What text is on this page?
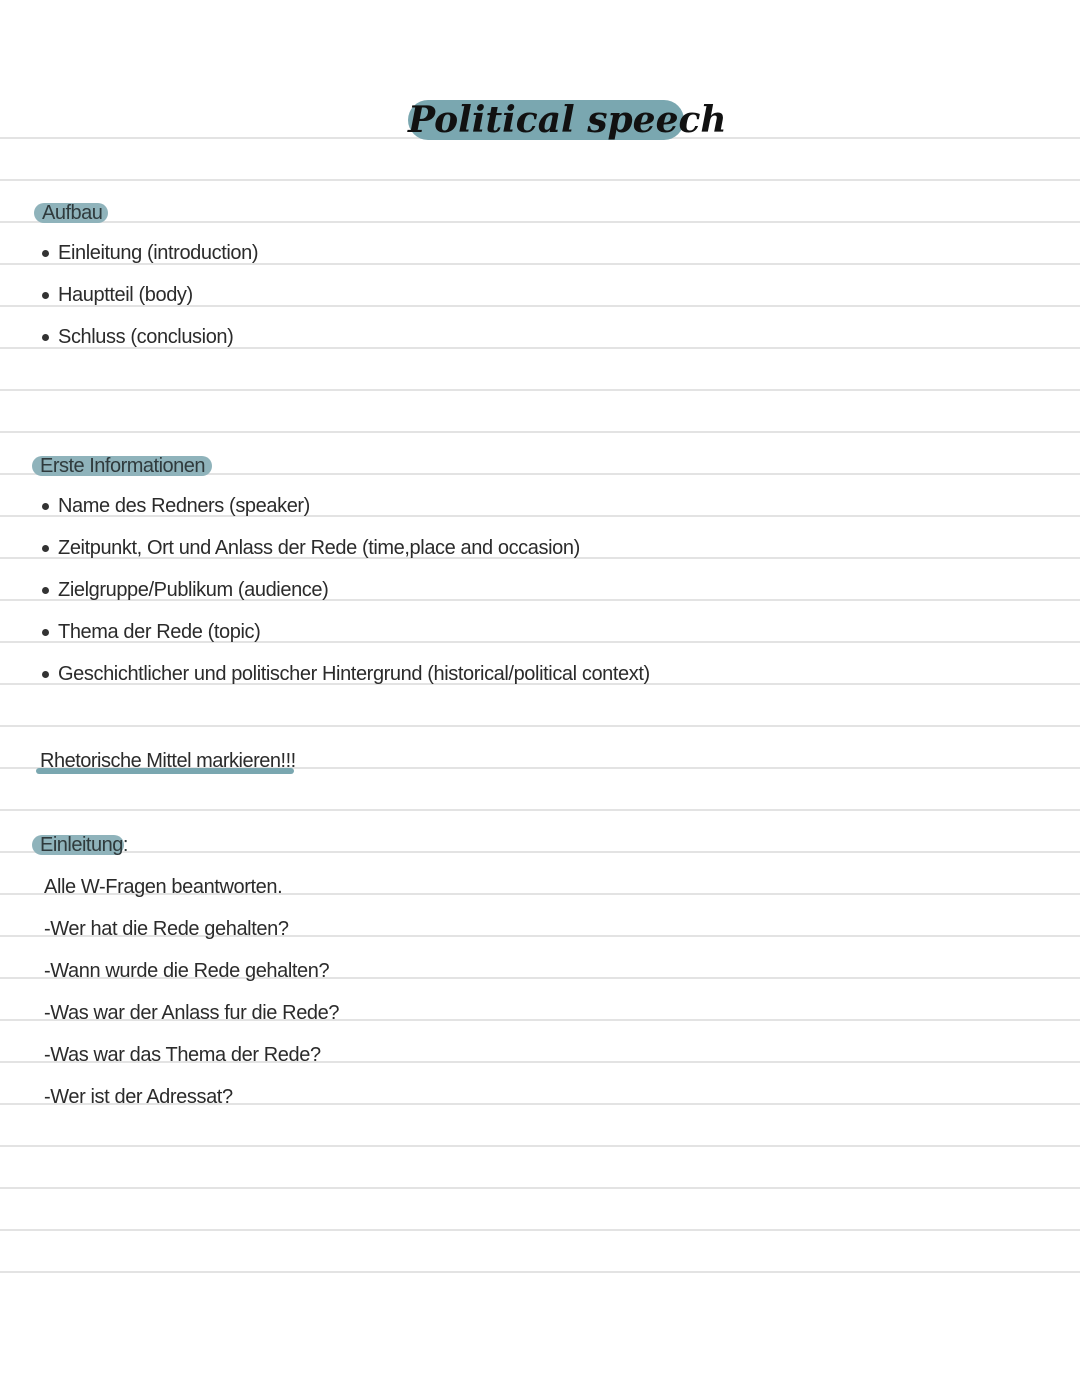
Political speech
Aufbau
Einleitung (introduction)
Hauptteil (body)
Schluss (conclusion)
Erste Informationen
Name des Redners (speaker)
Zeitpunkt, Ort und Anlass der Rede (time,place and occasion)
Zielgruppe/Publikum (audience)
Thema der Rede (topic)
Geschichtlicher und politischer Hintergrund (historical/political context)
Rhetorische Mittel markieren!!!
Einleitung:
Alle W-Fragen beantworten.
-Wer hat die Rede gehalten?
-Wann wurde die Rede gehalten?
-Was war der Anlass fur die Rede?
-Was war das Thema der Rede?
-Wer ist der Adressat?
